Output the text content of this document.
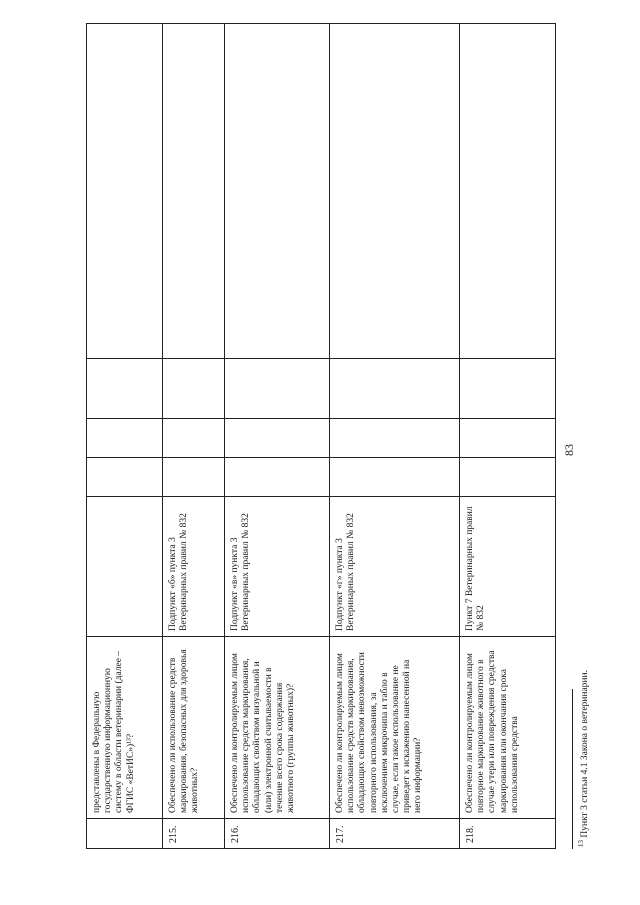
83
	представлены в Федеральную государственную информационную систему в области ветеринарии (далее – ФГИС «ВетИС»)¹³?					
215.	Обеспечено ли использование средств маркирования, безопасных для здоровья животных?	Подпункт «б» пункта 3 Ветеринарных правил № 832				
216.	Обеспечено ли контролируемым лицом использование средств маркирования, обладающих свойством визуальной и (или) электронной считываемости в течение всего срока содержания животного (группы животных)?	Подпункт «в» пункта 3 Ветеринарных правил № 832				
217.	Обеспечено ли контролируемым лицом использование средств маркирования, обладающих свойством невозможности повторного использования, за исключением микрочипа и табло в случае, если такое использование не приведет к искажению нанесенной на него информации?	Подпункт «г» пункта 3 Ветеринарных правил № 832				
218.	Обеспечено ли контролируемым лицом повторное маркирование животного в случае утери или повреждения средства маркирования или окончания срока использования средства	Пункт 7 Ветеринарных правил № 832				
$^{13}$ Пункт 3 статьи 4.1 Закона о ветеринарии.
